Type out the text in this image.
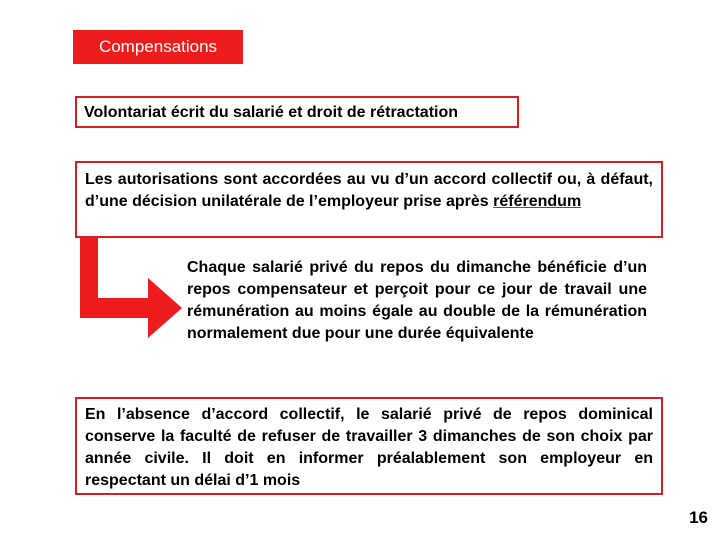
Compensations
Volontariat écrit du salarié et droit de rétractation
Les autorisations sont accordées au vu d’un accord collectif ou, à défaut, d’une décision unilatérale de l’employeur prise après référendum
Chaque salarié privé du repos du dimanche bénéficie d’un repos compensateur et perçoit pour ce jour de travail une rémunération au moins égale au double de la rémunération normalement due pour une durée équivalente
En l’absence d’accord collectif, le salarié privé de repos dominical conserve la faculté de refuser de travailler 3 dimanches de son choix par année civile. Il doit en informer préalablement son employeur en respectant un délai d’1 mois
16
